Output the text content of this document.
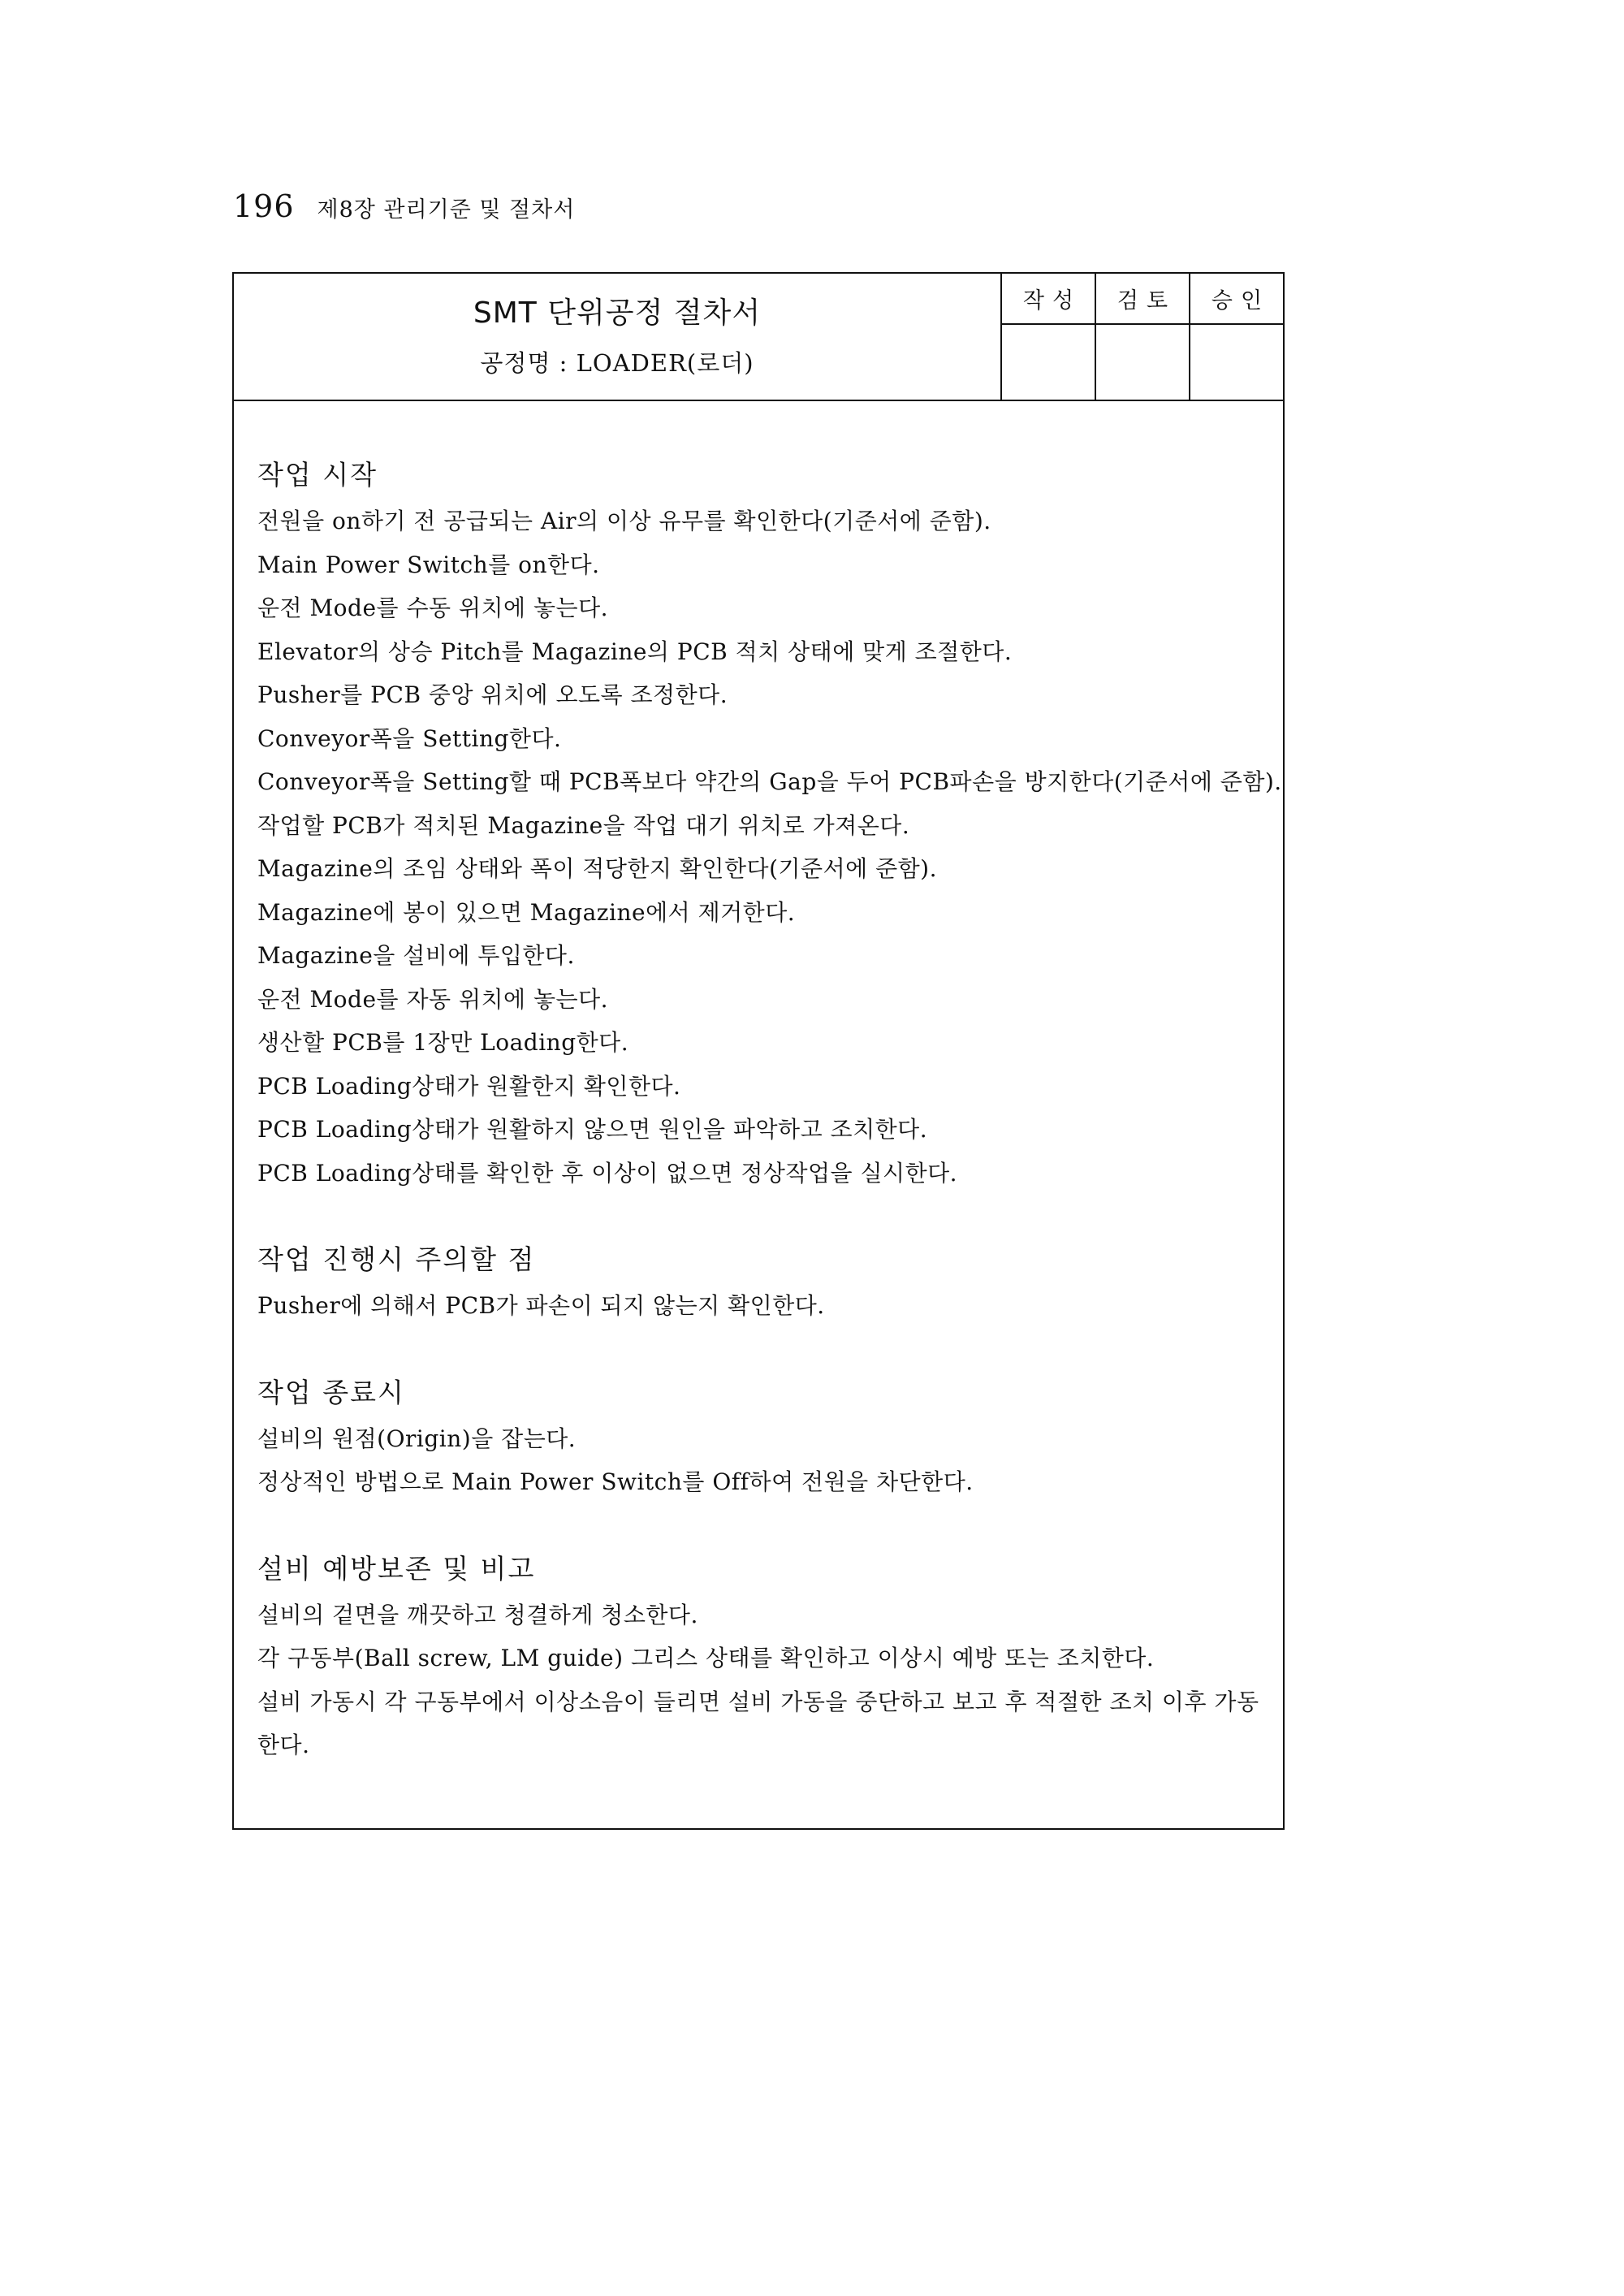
196 제8장 관리기준 및 절차서
SMT 단위공정 절차서
공정명 : LOADER(로더)
작성	검토	승인
작업 시작
전원을 on하기 전 공급되는 Air의 이상 유무를 확인한다(기준서에 준함).
Main Power Switch를 on한다.
운전 Mode를 수동 위치에 놓는다.
Elevator의 상승 Pitch를 Magazine의 PCB 적치 상태에 맞게 조절한다.
Pusher를 PCB 중앙 위치에 오도록 조정한다.
Conveyor폭을 Setting한다.
Conveyor폭을 Setting할 때 PCB폭보다 약간의 Gap을 두어 PCB파손을 방지한다(기준서에 준함).
작업할 PCB가 적치된 Magazine을 작업 대기 위치로 가져온다.
Magazine의 조임 상태와 폭이 적당한지 확인한다(기준서에 준함).
Magazine에 봉이 있으면 Magazine에서 제거한다.
Magazine을 설비에 투입한다.
운전 Mode를 자동 위치에 놓는다.
생산할 PCB를 1장만 Loading한다.
PCB Loading상태가 원활한지 확인한다.
PCB Loading상태가 원활하지 않으면 원인을 파악하고 조치한다.
PCB Loading상태를 확인한 후 이상이 없으면 정상작업을 실시한다.
작업 진행시 주의할 점
Pusher에 의해서 PCB가 파손이 되지 않는지 확인한다.
작업 종료시
설비의 원점(Origin)을 잡는다.
정상적인 방법으로 Main Power Switch를 Off하여 전원을 차단한다.
설비 예방보존 및 비고
설비의 겉면을 깨끗하고 청결하게 청소한다.
각 구동부(Ball screw, LM guide) 그리스 상태를 확인하고 이상시 예방 또는 조치한다.
설비 가동시 각 구동부에서 이상소음이 들리면 설비 가동을 중단하고 보고 후 적절한 조치 이후 가동한다.
